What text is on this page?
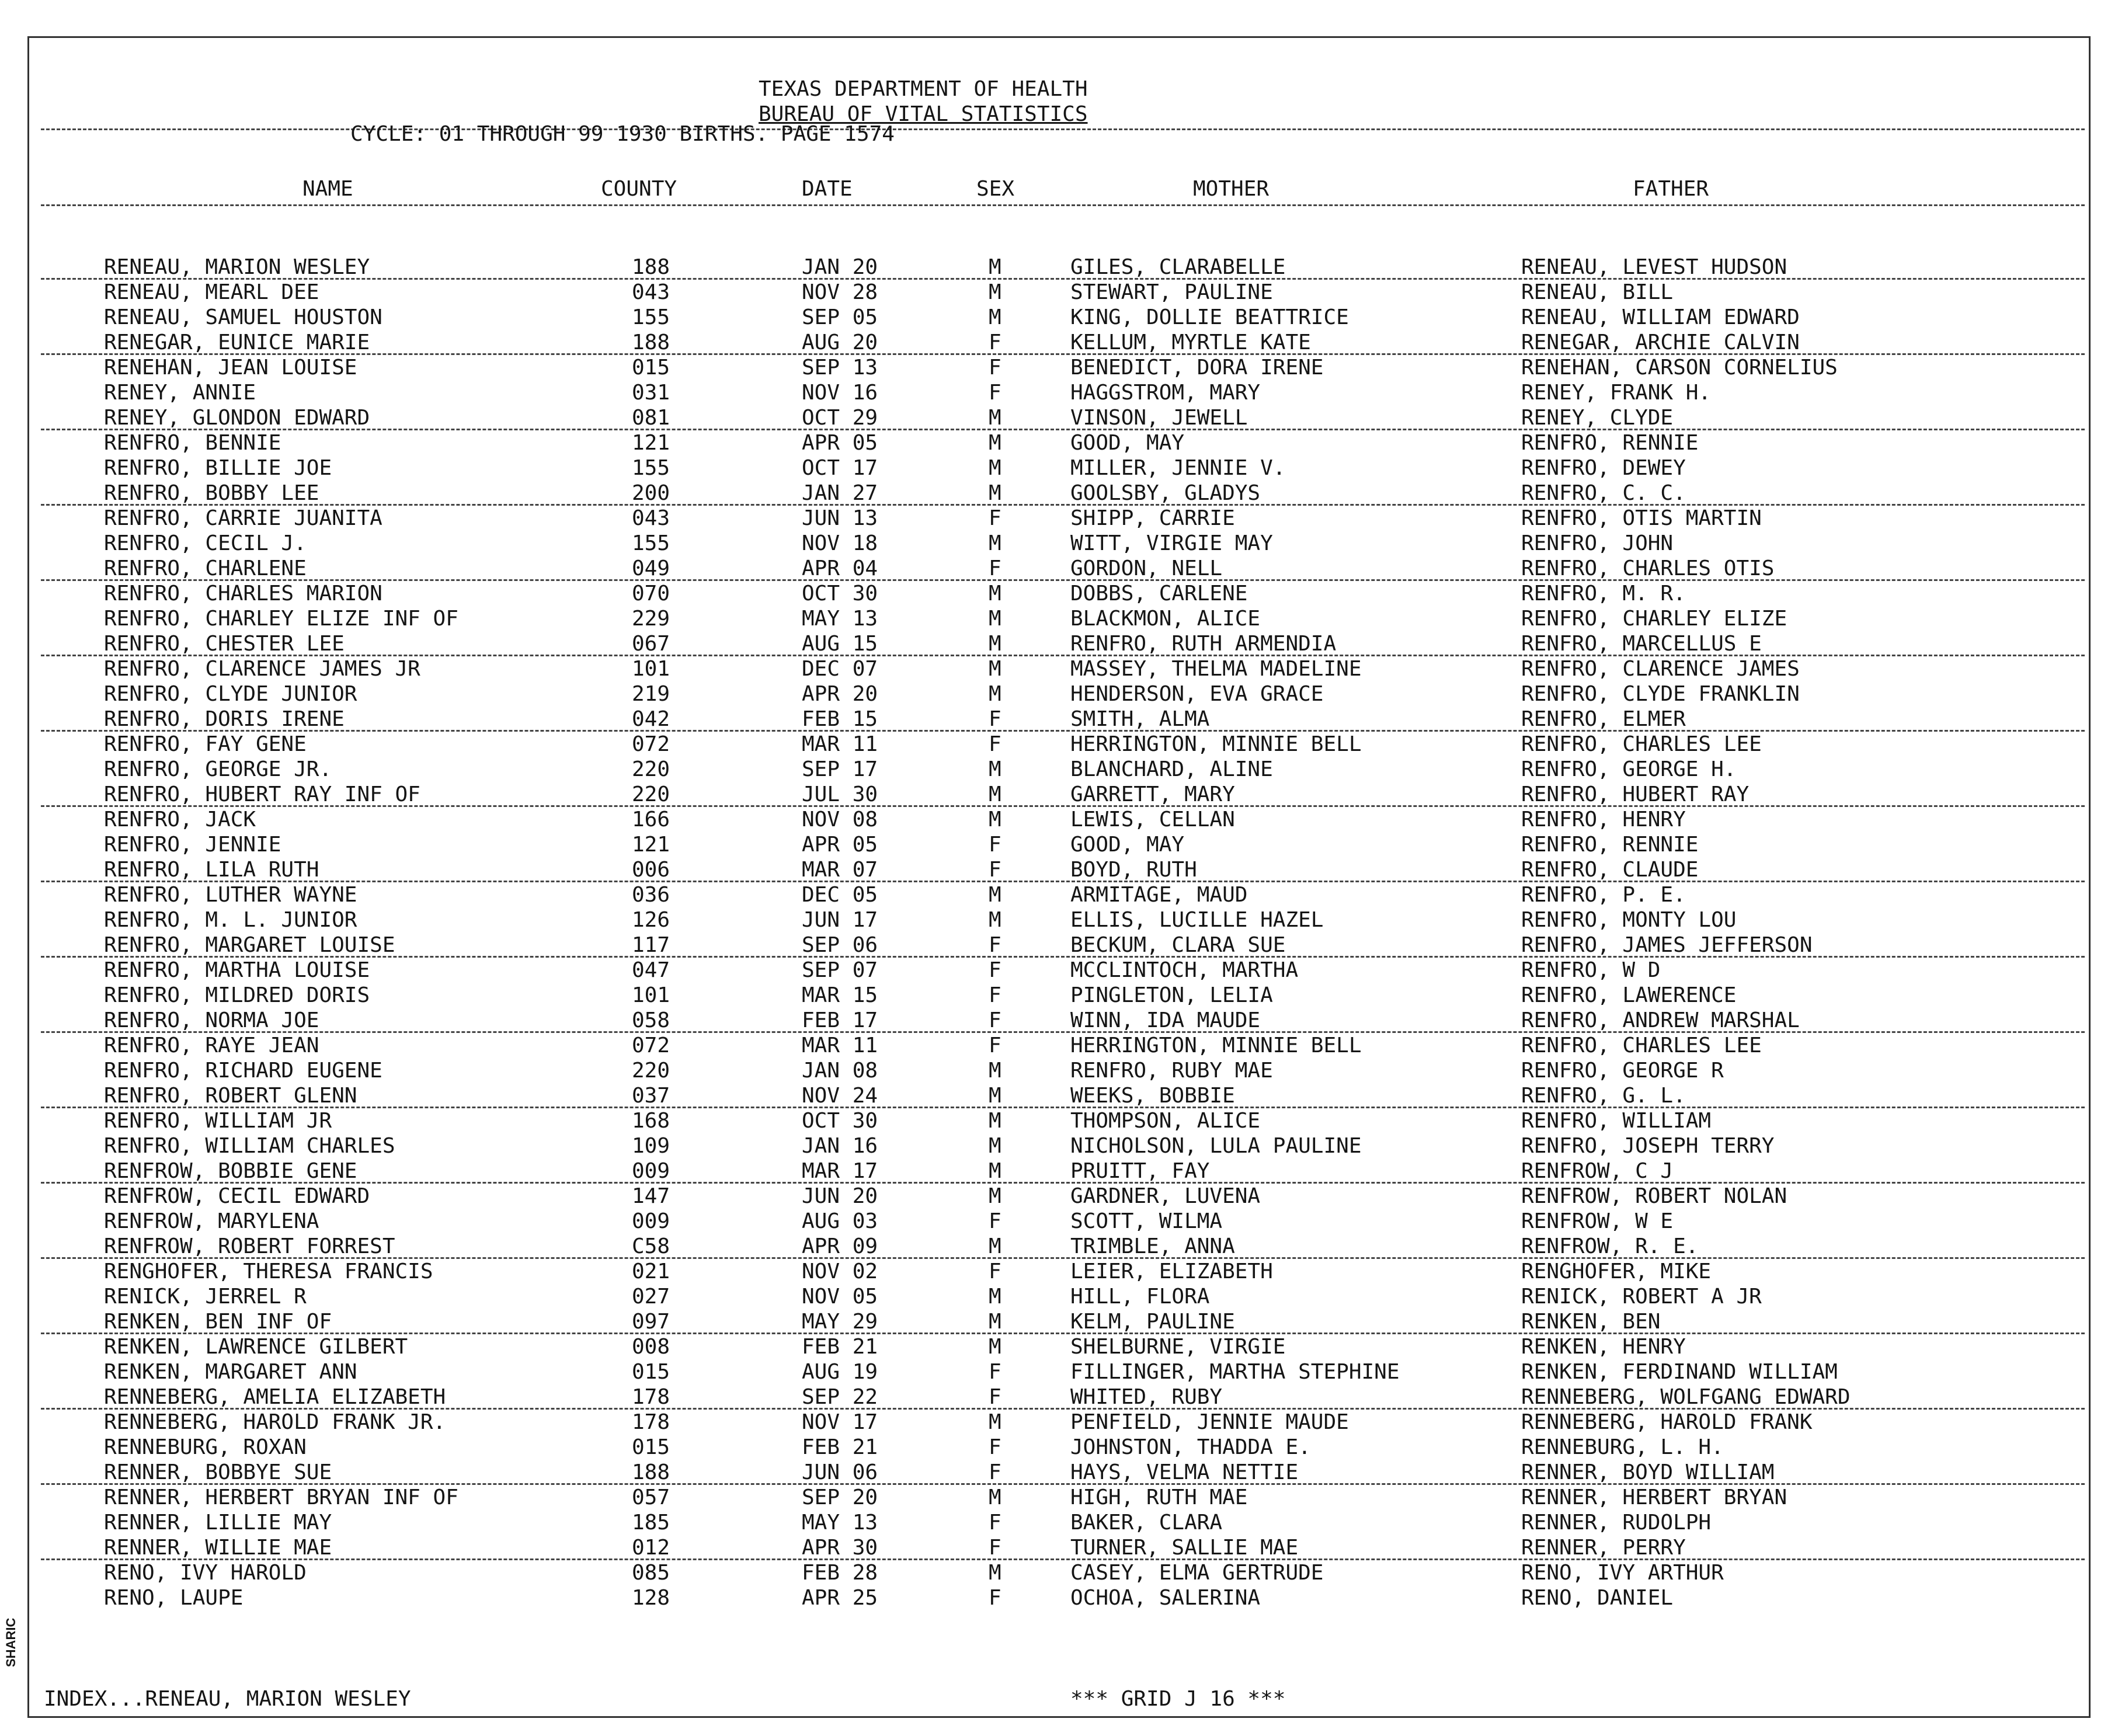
TEXAS DEPARTMENT OF HEALTH
BUREAU OF VITAL STATISTICS
CYCLE: 01 THROUGH 99 1930 BIRTHS. PAGE 1574
NAME	COUNTY	DATE	SEX	MOTHER	FATHER
RENEAU, MARION WESLEY	188	JAN 20	M	GILES, CLARABELLE	RENEAU, LEVEST HUDSON
RENEAU, MEARL DEE	043	NOV 28	M	STEWART, PAULINE	RENEAU, BILL
RENEAU, SAMUEL HOUSTON	155	SEP 05	M	KING, DOLLIE BEATTRICE	RENEAU, WILLIAM EDWARD
RENEGAR, EUNICE MARIE	188	AUG 20	F	KELLUM, MYRTLE KATE	RENEGAR, ARCHIE CALVIN
RENEHAN, JEAN LOUISE	015	SEP 13	F	BENEDICT, DORA IRENE	RENEHAN, CARSON CORNELIUS
RENEY, ANNIE	031	NOV 16	F	HAGGSTROM, MARY	RENEY, FRANK H.
RENEY, GLONDON EDWARD	081	OCT 29	M	VINSON, JEWELL	RENEY, CLYDE
RENFRO, BENNIE	121	APR 05	M	GOOD, MAY	RENFRO, RENNIE
RENFRO, BILLIE JOE	155	OCT 17	M	MILLER, JENNIE V.	RENFRO, DEWEY
RENFRO, BOBBY LEE	200	JAN 27	M	GOOLSBY, GLADYS	RENFRO, C. C.
RENFRO, CARRIE JUANITA	043	JUN 13	F	SHIPP, CARRIE	RENFRO, OTIS MARTIN
RENFRO, CECIL J.	155	NOV 18	M	WITT, VIRGIE MAY	RENFRO, JOHN
RENFRO, CHARLENE	049	APR 04	F	GORDON, NELL	RENFRO, CHARLES OTIS
RENFRO, CHARLES MARION	070	OCT 30	M	DOBBS, CARLENE	RENFRO, M. R.
RENFRO, CHARLEY ELIZE INF OF	229	MAY 13	M	BLACKMON, ALICE	RENFRO, CHARLEY ELIZE
RENFRO, CHESTER LEE	067	AUG 15	M	RENFRO, RUTH ARMENDIA	RENFRO, MARCELLUS E
RENFRO, CLARENCE JAMES JR	101	DEC 07	M	MASSEY, THELMA MADELINE	RENFRO, CLARENCE JAMES
RENFRO, CLYDE JUNIOR	219	APR 20	M	HENDERSON, EVA GRACE	RENFRO, CLYDE FRANKLIN
RENFRO, DORIS IRENE	042	FEB 15	F	SMITH, ALMA	RENFRO, ELMER
RENFRO, FAY GENE	072	MAR 11	F	HERRINGTON, MINNIE BELL	RENFRO, CHARLES LEE
RENFRO, GEORGE JR.	220	SEP 17	M	BLANCHARD, ALINE	RENFRO, GEORGE H.
RENFRO, HUBERT RAY INF OF	220	JUL 30	M	GARRETT, MARY	RENFRO, HUBERT RAY
RENFRO, JACK	166	NOV 08	M	LEWIS, CELLAN	RENFRO, HENRY
RENFRO, JENNIE	121	APR 05	F	GOOD, MAY	RENFRO, RENNIE
RENFRO, LILA RUTH	006	MAR 07	F	BOYD, RUTH	RENFRO, CLAUDE
RENFRO, LUTHER WAYNE	036	DEC 05	M	ARMITAGE, MAUD	RENFRO, P. E.
RENFRO, M. L. JUNIOR	126	JUN 17	M	ELLIS, LUCILLE HAZEL	RENFRO, MONTY LOU
RENFRO, MARGARET LOUISE	117	SEP 06	F	BECKUM, CLARA SUE	RENFRO, JAMES JEFFERSON
RENFRO, MARTHA LOUISE	047	SEP 07	F	MCCLINTOCH, MARTHA	RENFRO, W D
RENFRO, MILDRED DORIS	101	MAR 15	F	PINGLETON, LELIA	RENFRO, LAWERENCE
RENFRO, NORMA JOE	058	FEB 17	F	WINN, IDA MAUDE	RENFRO, ANDREW MARSHAL
RENFRO, RAYE JEAN	072	MAR 11	F	HERRINGTON, MINNIE BELL	RENFRO, CHARLES LEE
RENFRO, RICHARD EUGENE	220	JAN 08	M	RENFRO, RUBY MAE	RENFRO, GEORGE R
RENFRO, ROBERT GLENN	037	NOV 24	M	WEEKS, BOBBIE	RENFRO, G. L.
RENFRO, WILLIAM JR	168	OCT 30	M	THOMPSON, ALICE	RENFRO, WILLIAM
RENFRO, WILLIAM CHARLES	109	JAN 16	M	NICHOLSON, LULA PAULINE	RENFRO, JOSEPH TERRY
RENFROW, BOBBIE GENE	009	MAR 17	M	PRUITT, FAY	RENFROW, C J
RENFROW, CECIL EDWARD	147	JUN 20	M	GARDNER, LUVENA	RENFROW, ROBERT NOLAN
RENFROW, MARYLENA	009	AUG 03	F	SCOTT, WILMA	RENFROW, W E
RENFROW, ROBERT FORREST	C58	APR 09	M	TRIMBLE, ANNA	RENFROW, R. E.
RENGHOFER, THERESA FRANCIS	021	NOV 02	F	LEIER, ELIZABETH	RENGHOFER, MIKE
RENICK, JERREL R	027	NOV 05	M	HILL, FLORA	RENICK, ROBERT A JR
RENKEN, BEN INF OF	097	MAY 29	M	KELM, PAULINE	RENKEN, BEN
RENKEN, LAWRENCE GILBERT	008	FEB 21	M	SHELBURNE, VIRGIE	RENKEN, HENRY
RENKEN, MARGARET ANN	015	AUG 19	F	FILLINGER, MARTHA STEPHINE	RENKEN, FERDINAND WILLIAM
RENNEBERG, AMELIA ELIZABETH	178	SEP 22	F	WHITED, RUBY	RENNEBERG, WOLFGANG EDWARD
RENNEBERG, HAROLD FRANK JR.	178	NOV 17	M	PENFIELD, JENNIE MAUDE	RENNEBERG, HAROLD FRANK
RENNEBURG, ROXAN	015	FEB 21	F	JOHNSTON, THADDA E.	RENNEBURG, L. H.
RENNER, BOBBYE SUE	188	JUN 06	F	HAYS, VELMA NETTIE	RENNER, BOYD WILLIAM
RENNER, HERBERT BRYAN INF OF	057	SEP 20	M	HIGH, RUTH MAE	RENNER, HERBERT BRYAN
RENNER, LILLIE MAY	185	MAY 13	F	BAKER, CLARA	RENNER, RUDOLPH
RENNER, WILLIE MAE	012	APR 30	F	TURNER, SALLIE MAE	RENNER, PERRY
RENO, IVY HAROLD	085	FEB 28	M	CASEY, ELMA GERTRUDE	RENO, IVY ARTHUR
RENO, LAUPE	128	APR 25	F	OCHOA, SALERINA	RENO, DANIEL
INDEX...RENEAU, MARION WESLEY	*** GRID J 16 ***
SHARIC
